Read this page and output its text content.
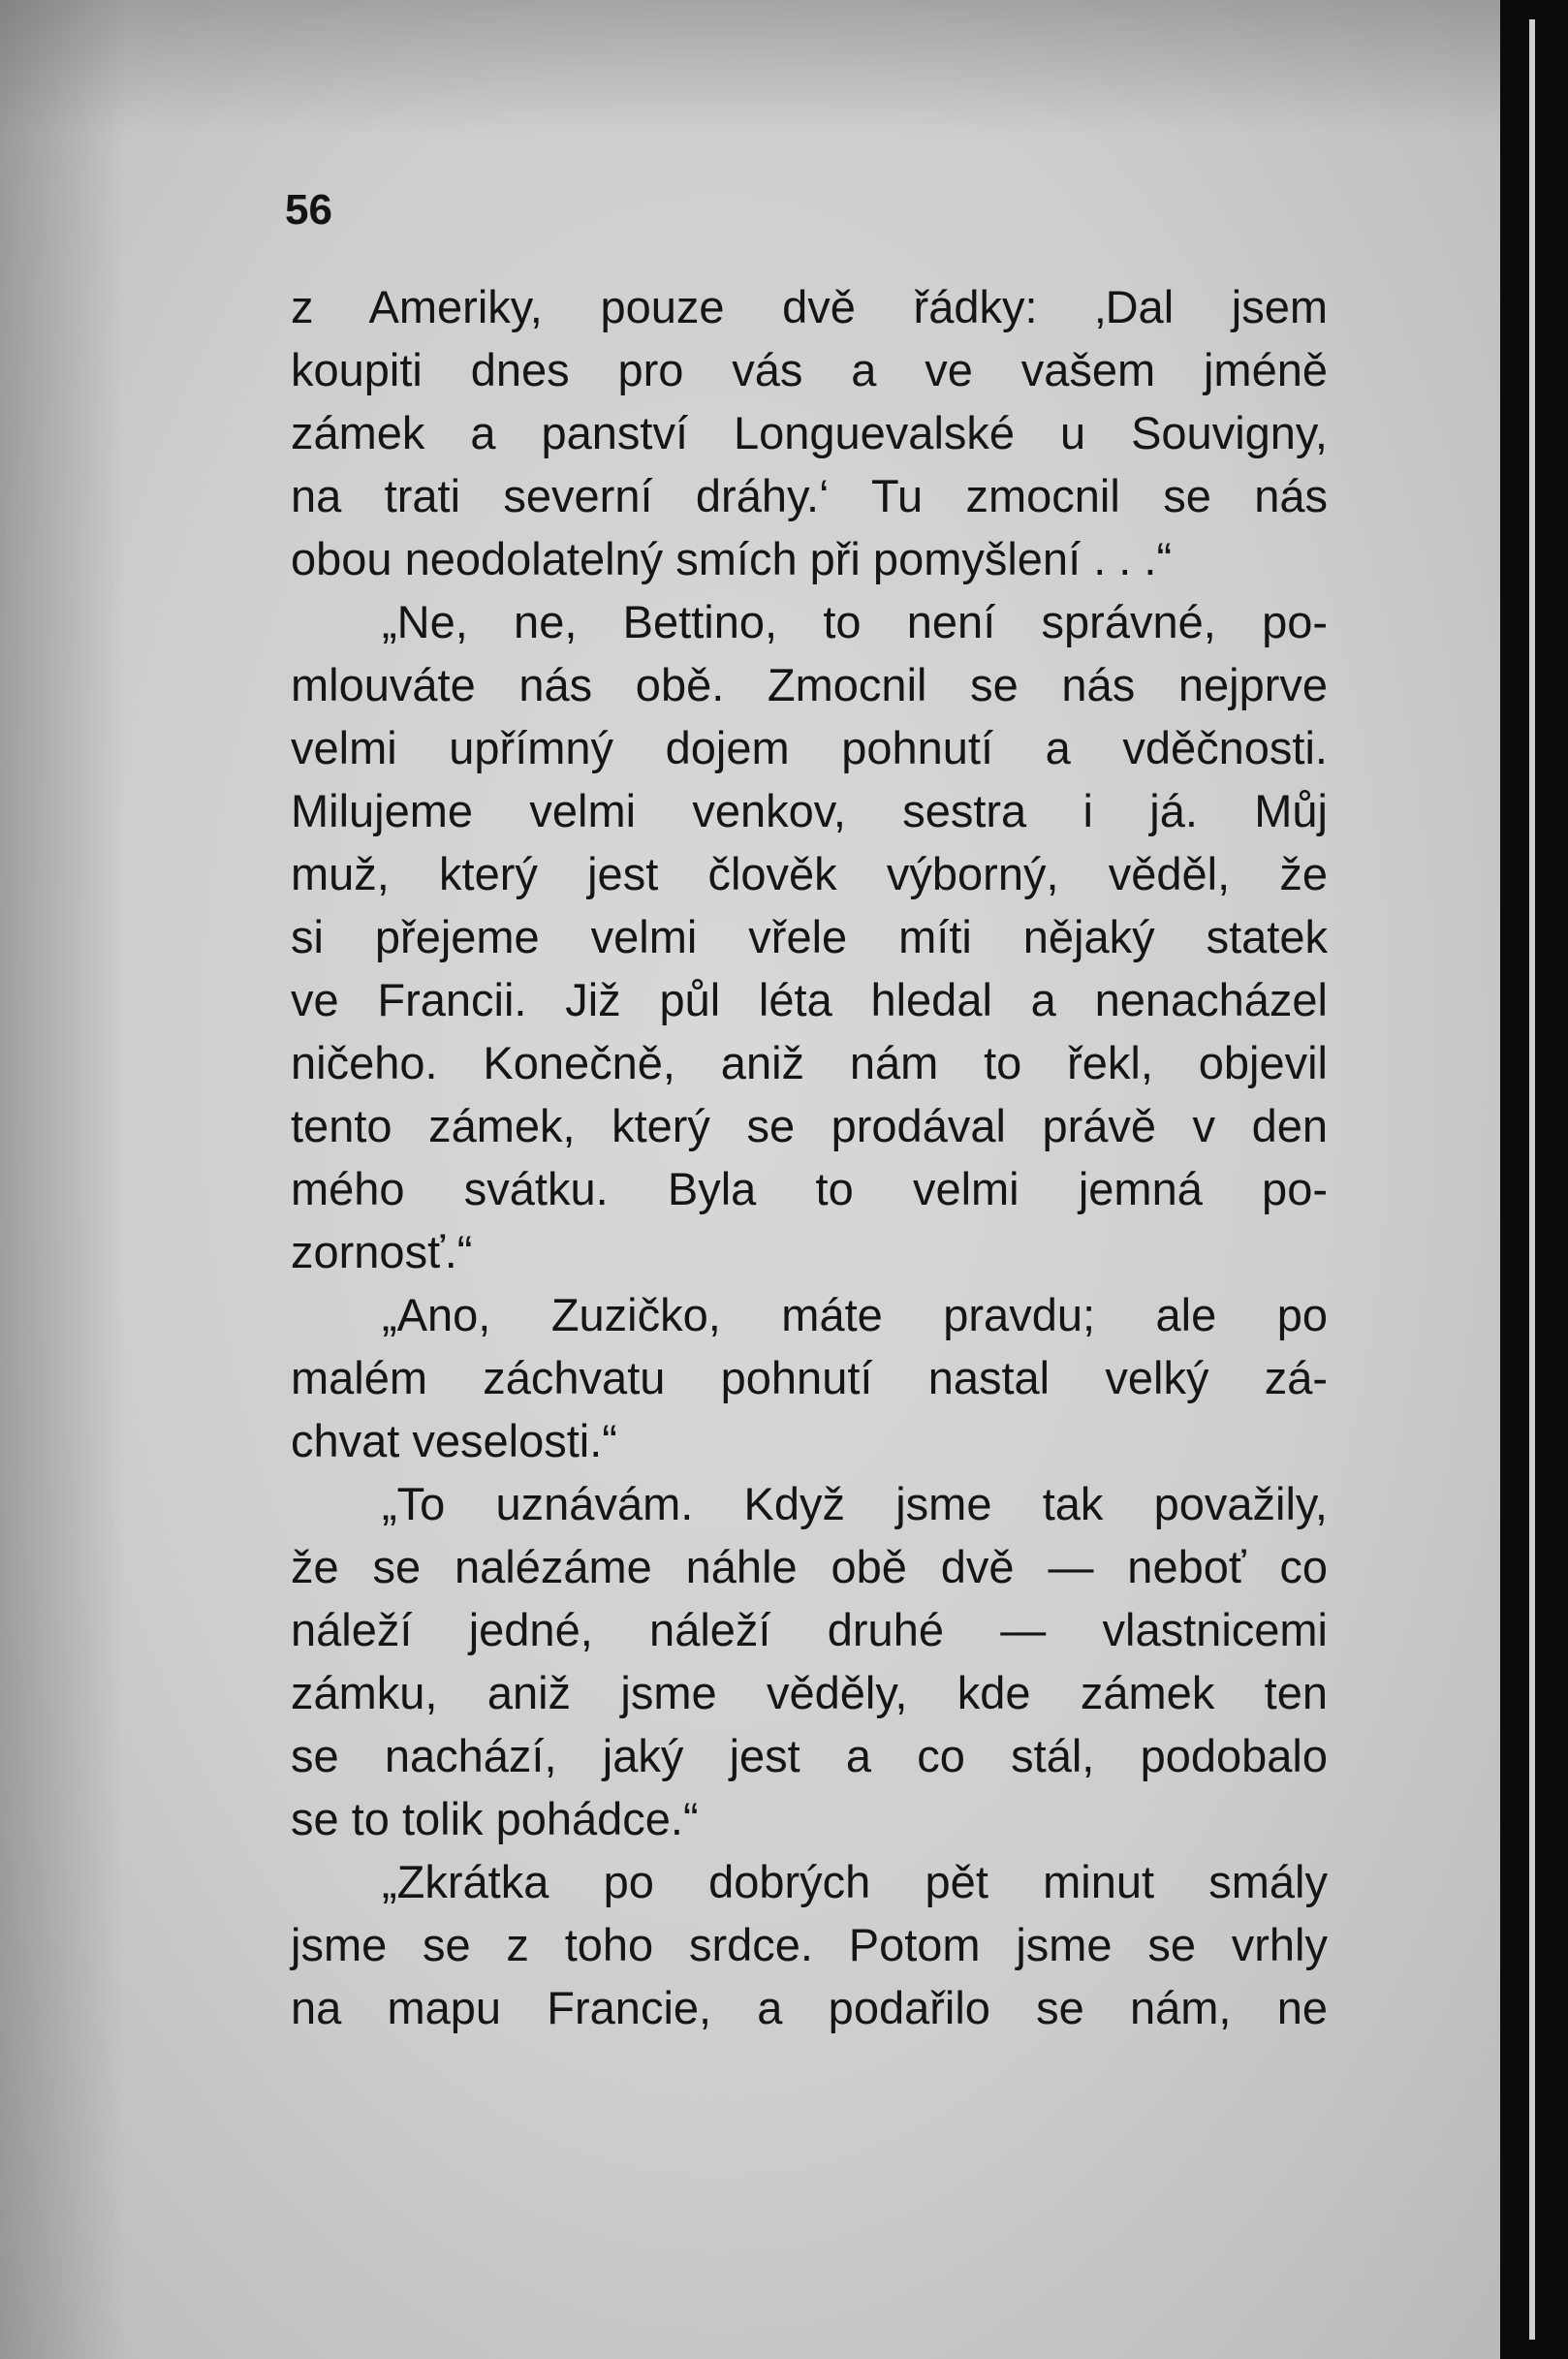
56

z Ameriky, pouze dvě řádky: ‚Dal jsem
koupiti dnes pro vás a ve vašem jméně
zámek a panství Longuevalské u Souvigny,
na trati severní dráhy.‘ Tu zmocnil se nás
obou neodolatelný smích při pomyšlení . . .“
„Ne, ne, Bettino, to není správné, po-
mlouváte nás obě. Zmocnil se nás nejprve
velmi upřímný dojem pohnutí a vděčnosti.
Milujeme velmi venkov, sestra i já. Můj
muž, který jest člověk výborný, věděl, že
si přejeme velmi vřele míti nějaký statek
ve Francii. Již půl léta hledal a nenacházel
ničeho. Konečně, aniž nám to řekl, objevil
tento zámek, který se prodával právě v den
mého svátku. Byla to velmi jemná po-
zornosť.“
„Ano, Zuzičko, máte pravdu; ale po
malém záchvatu pohnutí nastal velký zá-
chvat veselosti.“
„To uznávám. Když jsme tak považily,
že se nalézáme náhle obě dvě — neboť co
náleží jedné, náleží druhé — vlastnicemi
zámku, aniž jsme věděly, kde zámek ten
se nachází, jaký jest a co stál, podobalo
se to tolik pohádce.“
„Zkrátka po dobrých pět minut smály
jsme se z toho srdce. Potom jsme se vrhly
na mapu Francie, a podařilo se nám, ne
